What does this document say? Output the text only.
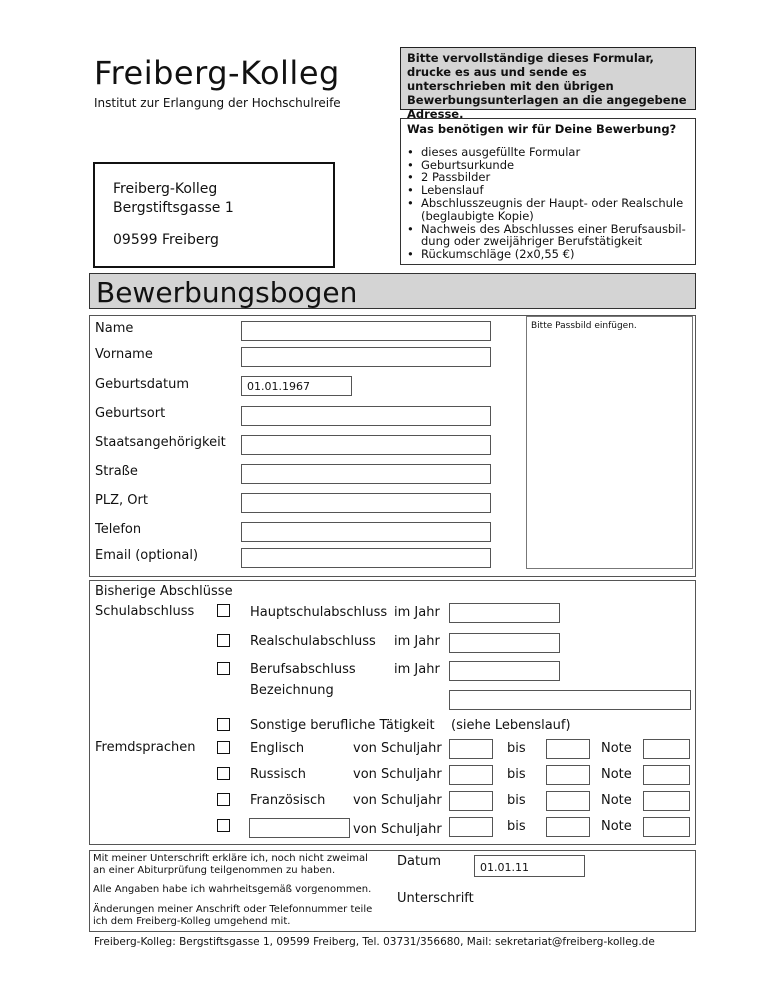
Freiberg-Kolleg
Institut zur Erlangung der Hochschulreife
Bitte vervollständige dieses Formular, drucke es aus und sende es unterschrieben mit den übrigen Bewerbungsunterlagen an die angegebene Adresse.
Was benötigen wir für Deine Bewerbung?
• dieses ausgefüllte Formular
• Geburtsurkunde
• 2 Passbilder
• Lebenslauf
• Abschlusszeugnis der Haupt- oder Realschule (beglaubigte Kopie)
• Nachweis des Abschlusses einer Berufsausbil-dung oder zweijähriger Berufstätigkeit
• Rückumschläge (2x0,55 €)
Freiberg-Kolleg
Bergstiftsgasse 1
09599 Freiberg
Bewerbungsbogen
Bitte Passbild einfügen.
Name
Vorname
Geburtsdatum	01.01.1967
Geburtsort
Staatsangehörigkeit
Straße
PLZ, Ort
Telefon
Email (optional)
Bisherige Abschlüsse
Schulabschluss	Hauptschulabschluss im Jahr
Realschulabschluss im Jahr
Berufsabschluss	im Jahr
Bezeichnung
Sonstige berufliche Tätigkeit (siehe Lebenslauf)
Fremdsprachen	Englisch	von Schuljahr	bis	Note
Russisch	von Schuljahr	bis	Note
Französisch von Schuljahr	bis	Note
von Schuljahr	bis	Note
Mit meiner Unterschrift erkläre ich, noch nicht zweimal an einer Abiturprüfung teilgenommen zu haben.
Alle Angaben habe ich wahrheitsgemäß vorgenommen.
Änderungen meiner Anschrift oder Telefonnummer teile ich dem Freiberg-Kolleg umgehend mit.
Datum	01.01.11
Unterschrift
Freiberg-Kolleg: Bergstiftsgasse 1, 09599 Freiberg, Tel. 03731/356680, Mail: sekretariat@freiberg-kolleg.de
